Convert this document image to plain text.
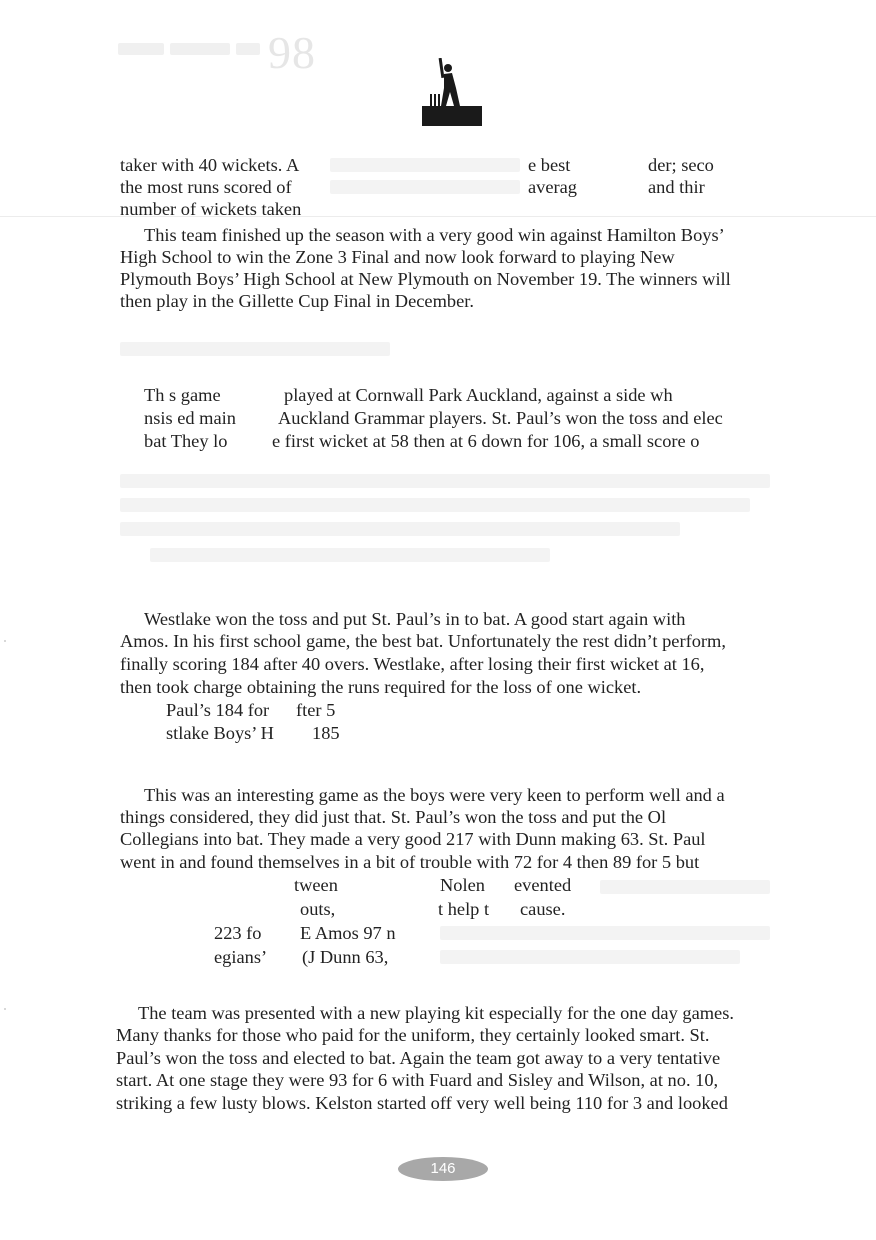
98
taker with 40 wickets. A
the most runs scored of
number of wickets taken
e best
averag
der; seco
and thir
This team finished up the season with a very good win against Hamilton Boys’
High School to win the Zone 3 Final and now look forward to playing New
Plymouth Boys’ High School at New Plymouth on November 19. The winners will
then play in the Gillette Cup Final in December.
Th s game
nsis ed main
bat They lo
played at Cornwall Park Auckland, against a side wh
Auckland Grammar players. St. Paul’s won the toss and elec
e first wicket at 58 then at 6 down for 106, a small score o
Westlake won the toss and put St. Paul’s in to bat. A good start again with
Amos. In his first school game, the best bat. Unfortunately the rest didn’t perform,
finally scoring 184 after 40 overs. Westlake, after losing their first wicket at 16,
then took charge obtaining the runs required for the loss of one wicket.
Paul’s 184 for
stlake Boys’ H
fter 5
185
This was an interesting game as the boys were very keen to perform well and a
things considered, they did just that. St. Paul’s won the toss and put the Ol
Collegians into bat. They made a very good 217 with Dunn making 63. St. Paul
went in and found themselves in a bit of trouble with 72 for 4 then 89 for 5 but
tween
outs,
Nolen
t help t
evented
cause.
223 fo
egians’
E Amos 97 n
(J Dunn 63,
The team was presented with a new playing kit especially for the one day games.
Many thanks for those who paid for the uniform, they certainly looked smart. St.
Paul’s won the toss and elected to bat. Again the team got away to a very tentative
start. At one stage they were 93 for 6 with Fuard and Sisley and Wilson, at no. 10,
striking a few lusty blows. Kelston started off very well being 110 for 3 and looked
146
